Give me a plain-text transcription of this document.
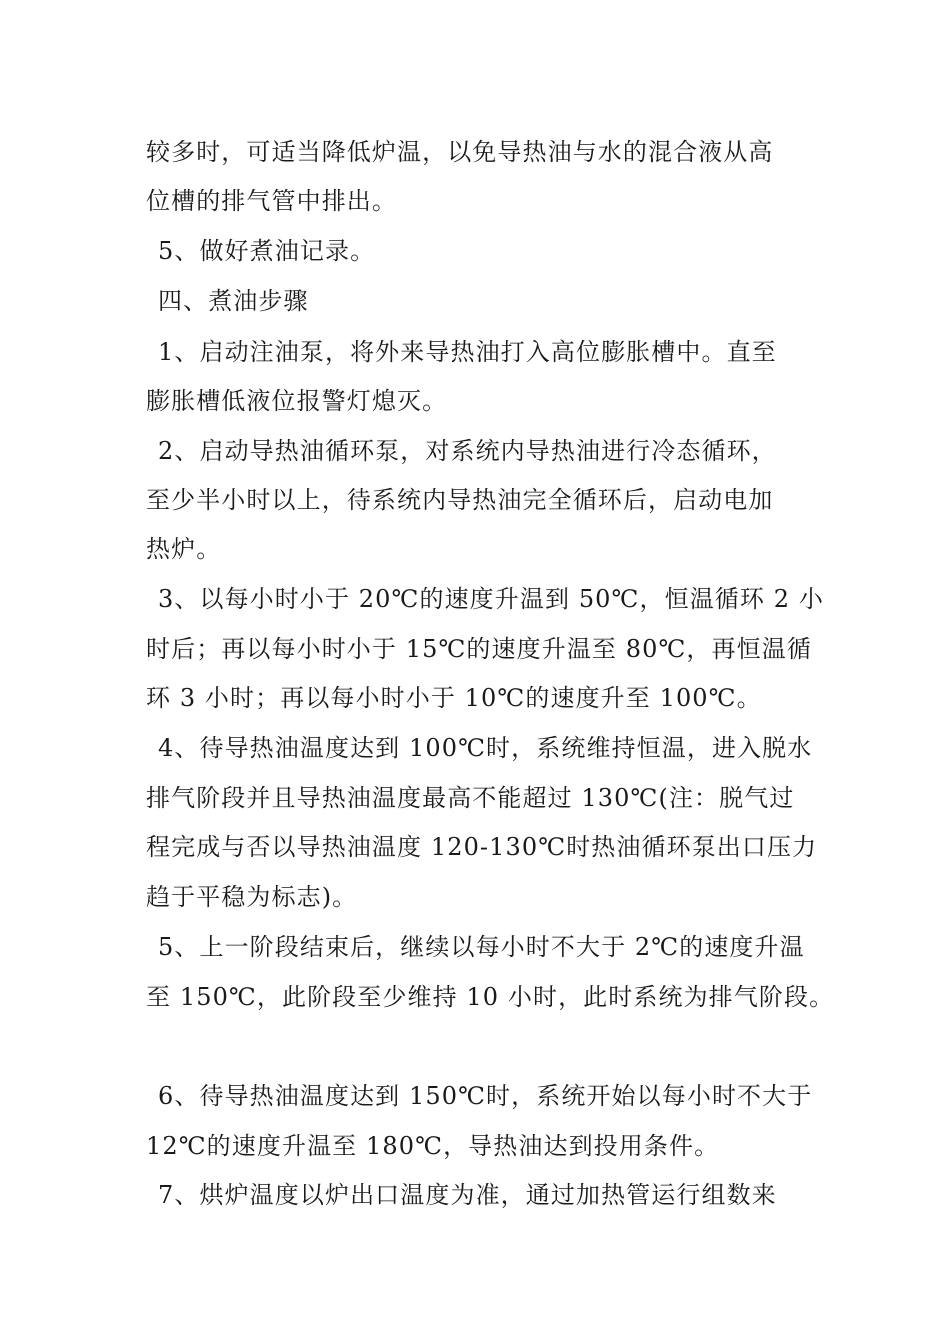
较多时，可适当降低炉温，以免导热油与水的混合液从高
位槽的排气管中排出。
5、做好煮油记录。
四、煮油步骤
1、启动注油泵，将外来导热油打入高位膨胀槽中。直至
膨胀槽低液位报警灯熄灭。
2、启动导热油循环泵，对系统内导热油进行冷态循环，
至少半小时以上，待系统内导热油完全循环后，启动电加
热炉。
3、以每小时小于 20℃的速度升温到 50℃，恒温循环 2 小
时后；再以每小时小于 15℃的速度升温至 80℃，再恒温循
环 3 小时；再以每小时小于 10℃的速度升至 100℃。
4、待导热油温度达到 100℃时，系统维持恒温，进入脱水
排气阶段并且导热油温度最高不能超过 130℃(注：脱气过
程完成与否以导热油温度 120-130℃时热油循环泵出口压力
趋于平稳为标志)。
5、上一阶段结束后，继续以每小时不大于 2℃的速度升温
至 150℃，此阶段至少维持 10 小时，此时系统为排气阶段。
6、待导热油温度达到 150℃时，系统开始以每小时不大于
12℃的速度升温至 180℃，导热油达到投用条件。
7、烘炉温度以炉出口温度为准，通过加热管运行组数来
